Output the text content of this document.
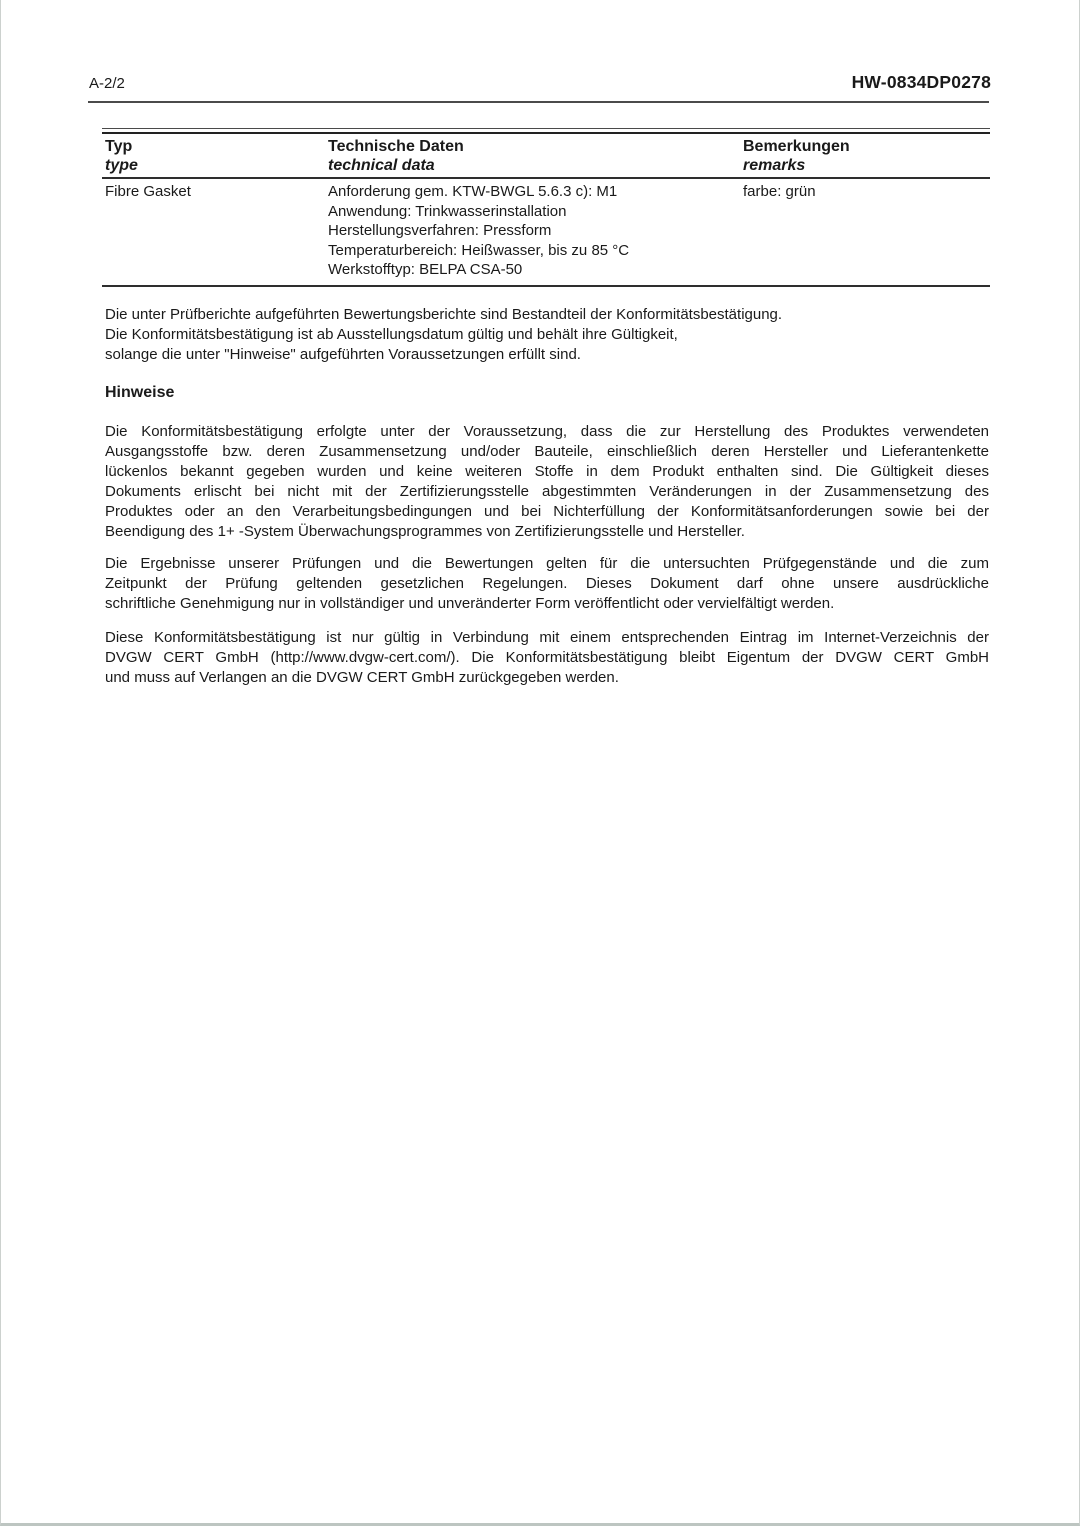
A-2/2	HW-0834DP0278
Typ
type
Technische Daten
technical data
Bemerkungen
remarks
Fibre Gasket	Anforderung gem. KTW-BWGL 5.6.3 c): M1
Anwendung: Trinkwasserinstallation
Herstellungsverfahren: Pressform
Temperaturbereich: Heißwasser, bis zu 85 °C
Werkstofftyp: BELPA CSA-50
farbe: grün
Die unter Prüfberichte aufgeführten Bewertungsberichte sind Bestandteil der Konformitätsbestätigung.
Die Konformitätsbestätigung ist ab Ausstellungsdatum gültig und behält ihre Gültigkeit,
solange die unter "Hinweise" aufgeführten Voraussetzungen erfüllt sind.
Hinweise
Die Konformitätsbestätigung erfolgte unter der Voraussetzung, dass die zur Herstellung des Produktes verwendeten
Ausgangsstoffe bzw. deren Zusammensetzung und/oder Bauteile, einschließlich deren Hersteller und Lieferantenkette
lückenlos bekannt gegeben wurden und keine weiteren Stoffe in dem Produkt enthalten sind. Die Gültigkeit dieses
Dokuments erlischt bei nicht mit der Zertifizierungsstelle abgestimmten Veränderungen in der Zusammensetzung des
Produktes oder an den Verarbeitungsbedingungen und bei Nichterfüllung der Konformitätsanforderungen sowie bei der
Beendigung des 1+ -System Überwachungsprogrammes von Zertifizierungsstelle und Hersteller.
Die Ergebnisse unserer Prüfungen und die Bewertungen gelten für die untersuchten Prüfgegenstände und die zum
Zeitpunkt der Prüfung geltenden gesetzlichen Regelungen. Dieses Dokument darf ohne unsere ausdrückliche
schriftliche Genehmigung nur in vollständiger und unveränderter Form veröffentlicht oder vervielfältigt werden.
Diese Konformitätsbestätigung ist nur gültig in Verbindung mit einem entsprechenden Eintrag im Internet-Verzeichnis der
DVGW CERT GmbH (http://www.dvgw-cert.com/). Die Konformitätsbestätigung bleibt Eigentum der DVGW CERT GmbH
und muss auf Verlangen an die DVGW CERT GmbH zurückgegeben werden.
